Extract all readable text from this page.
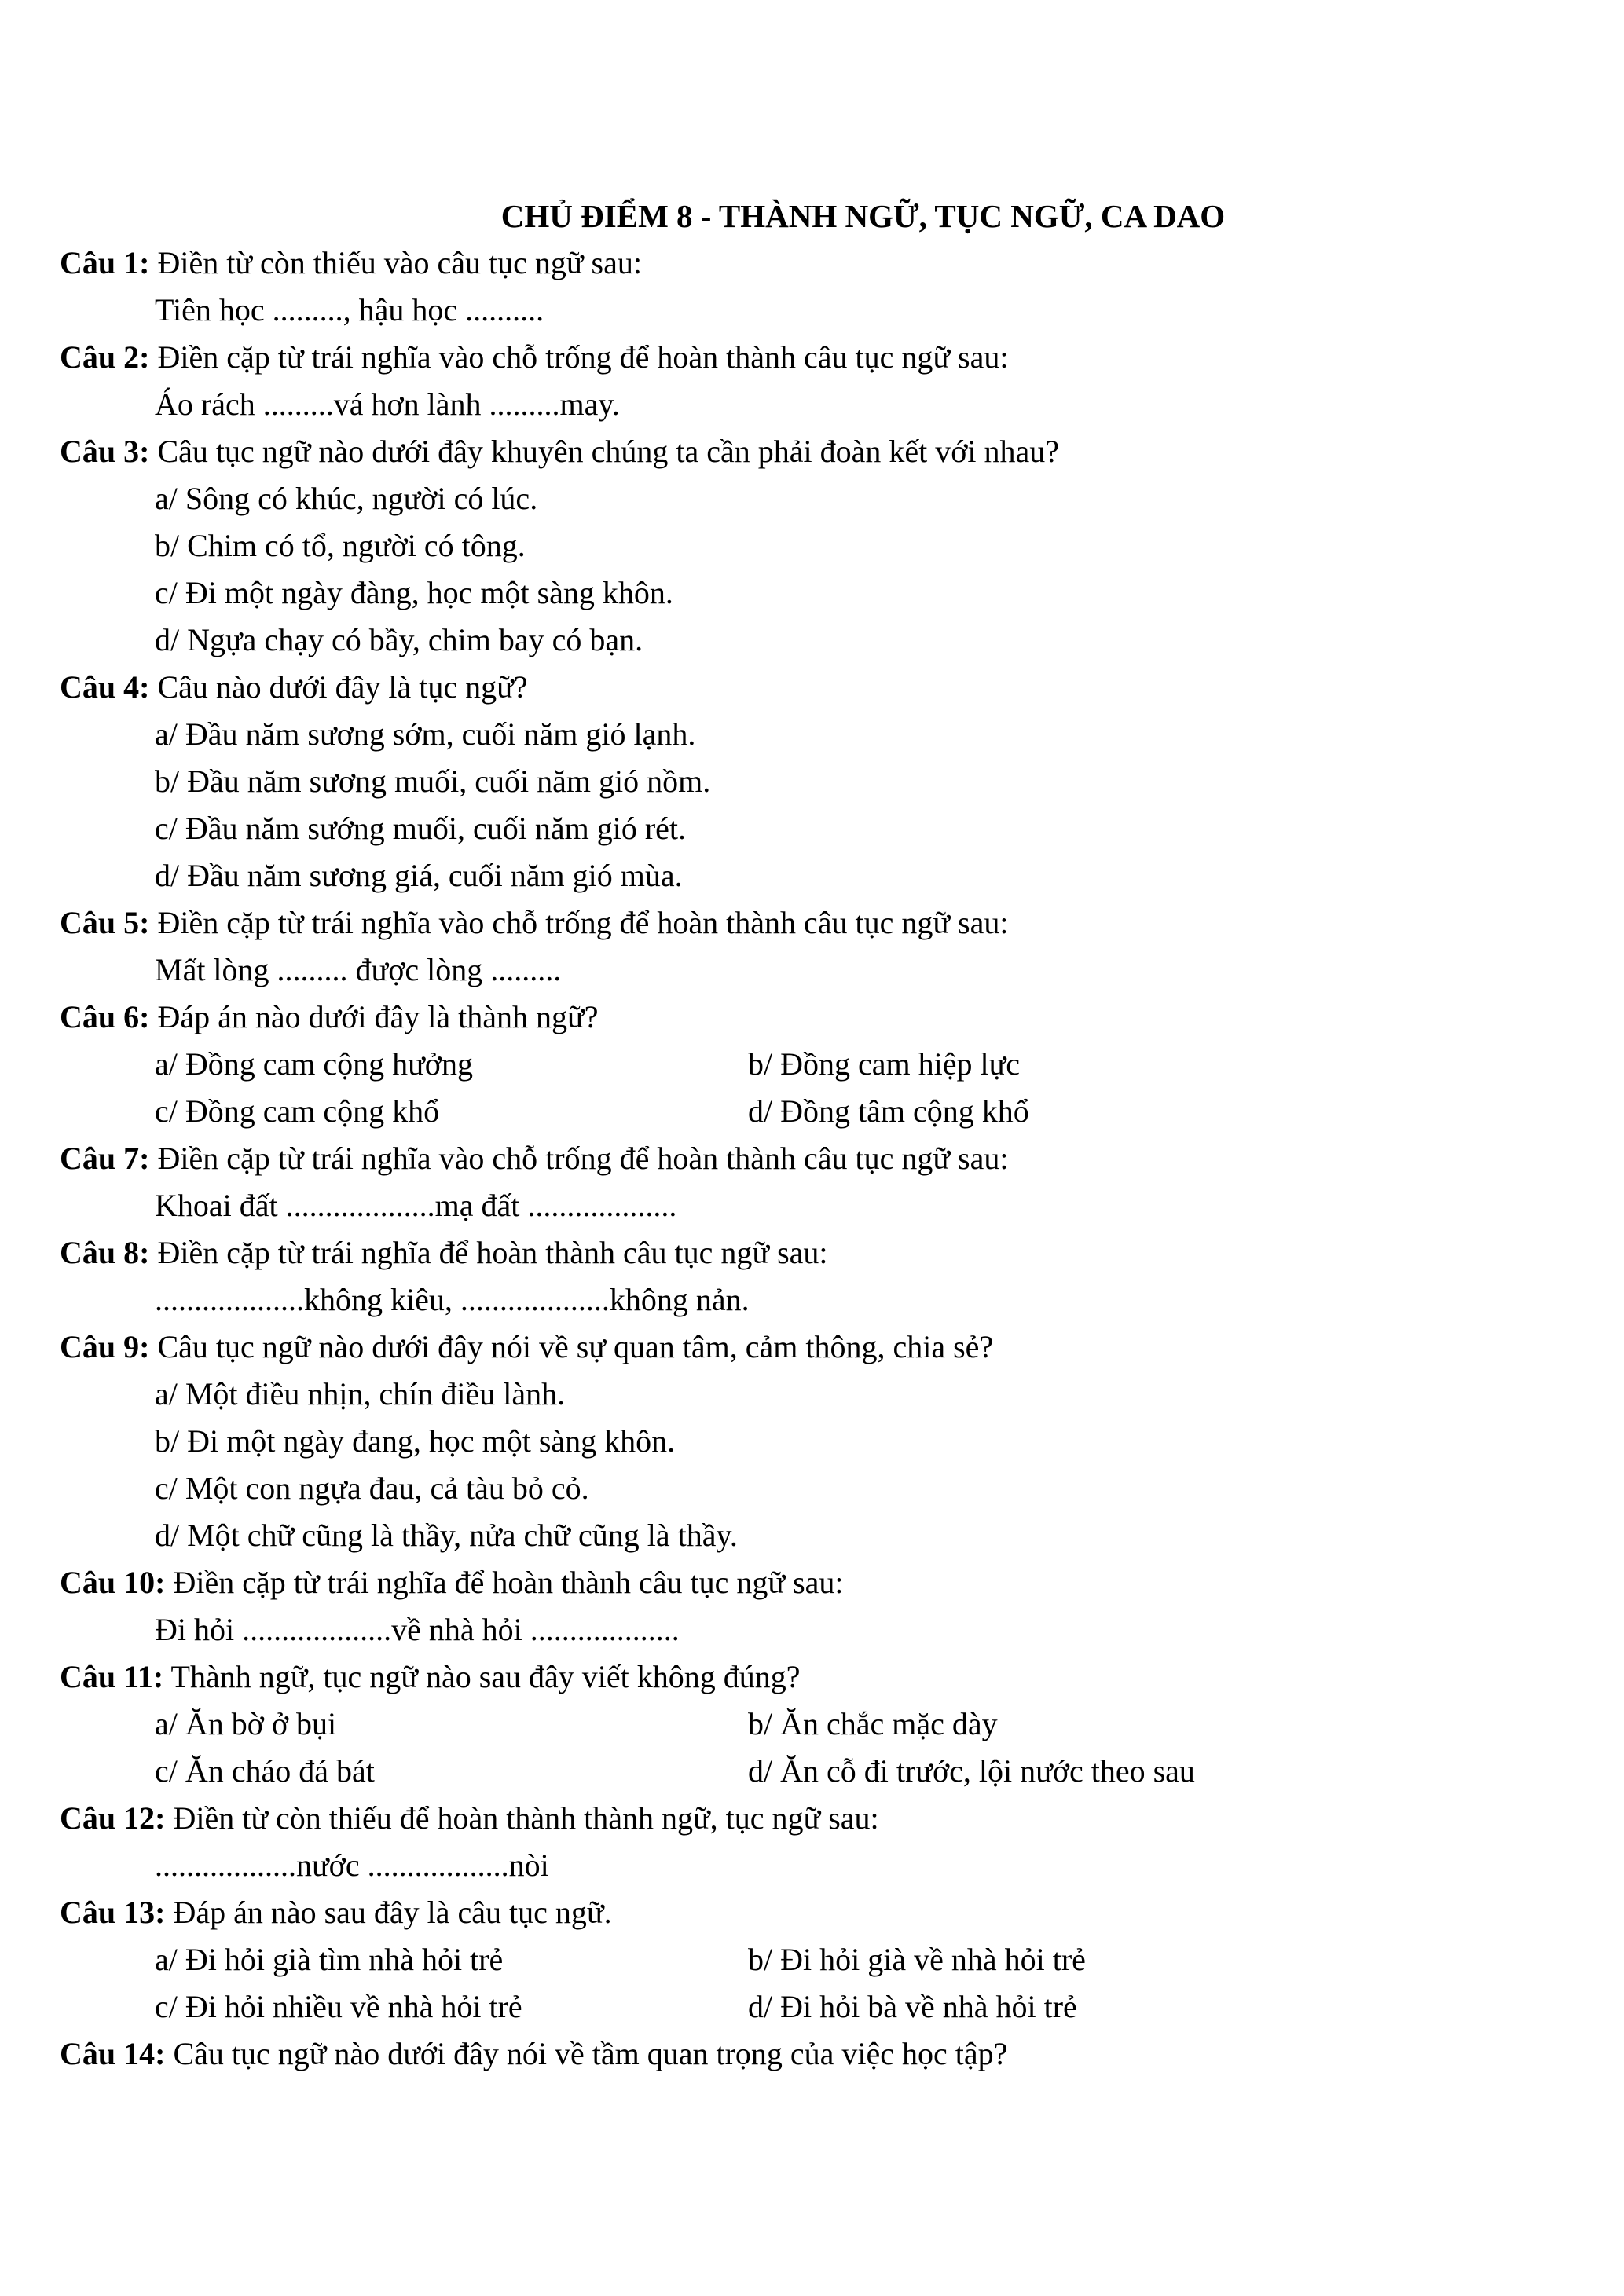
CHỦ ĐIỂM 8 - THÀNH NGỮ, TỤC NGỮ, CA DAO
Câu 1: Điền từ còn thiếu vào câu tục ngữ sau:
Tiên học ........., hậu học ..........
Câu 2: Điền cặp từ trái nghĩa vào chỗ trống để hoàn thành câu tục ngữ sau:
Áo rách .........vá hơn lành .........may.
Câu 3: Câu tục ngữ nào dưới đây khuyên chúng ta cần phải đoàn kết với nhau?
a/ Sông có khúc, người có lúc.
b/ Chim có tổ, người có tông.
c/ Đi một ngày đàng, học một sàng khôn.
d/ Ngựa chạy có bầy, chim bay có bạn.
Câu 4: Câu nào dưới đây là tục ngữ?
a/ Đầu năm sương sớm, cuối năm gió lạnh.
b/ Đầu năm sương muối, cuối năm gió nồm.
c/ Đầu năm sướng muối, cuối năm gió rét.
d/ Đầu năm sương giá, cuối năm gió mùa.
Câu 5: Điền cặp từ trái nghĩa vào chỗ trống để hoàn thành câu tục ngữ sau:
Mất lòng ......... được lòng .........
Câu 6: Đáp án nào dưới đây là thành ngữ?
a/ Đồng cam cộng hưởng	b/ Đồng cam hiệp lực
c/ Đồng cam cộng khổ	d/ Đồng tâm cộng khổ
Câu 7: Điền cặp từ trái nghĩa vào chỗ trống để hoàn thành câu tục ngữ sau:
Khoai đất ...................mạ đất ...................
Câu 8: Điền cặp từ trái nghĩa để hoàn thành câu tục ngữ sau:
...................không kiêu, ...................không nản.
Câu 9: Câu tục ngữ nào dưới đây nói về sự quan tâm, cảm thông, chia sẻ?
a/ Một điều nhịn, chín điều lành.
b/ Đi một ngày đang, học một sàng khôn.
c/ Một con ngựa đau, cả tàu bỏ cỏ.
d/ Một chữ cũng là thầy, nửa chữ cũng là thầy.
Câu 10: Điền cặp từ trái nghĩa để hoàn thành câu tục ngữ sau:
Đi hỏi ...................về nhà hỏi ...................
Câu 11: Thành ngữ, tục ngữ nào sau đây viết không đúng?
a/ Ăn bờ ở bụi	b/ Ăn chắc mặc dày
c/ Ăn cháo đá bát	d/ Ăn cỗ đi trước, lội nước theo sau
Câu 12: Điền từ còn thiếu để hoàn thành thành ngữ, tục ngữ sau:
..................nước ..................nòi
Câu 13: Đáp án nào sau đây là câu tục ngữ.
a/ Đi hỏi già tìm nhà hỏi trẻ	b/ Đi hỏi già về nhà hỏi trẻ
c/ Đi hỏi nhiều về nhà hỏi trẻ	d/ Đi hỏi bà về nhà hỏi trẻ
Câu 14: Câu tục ngữ nào dưới đây nói về tầm quan trọng của việc học tập?
